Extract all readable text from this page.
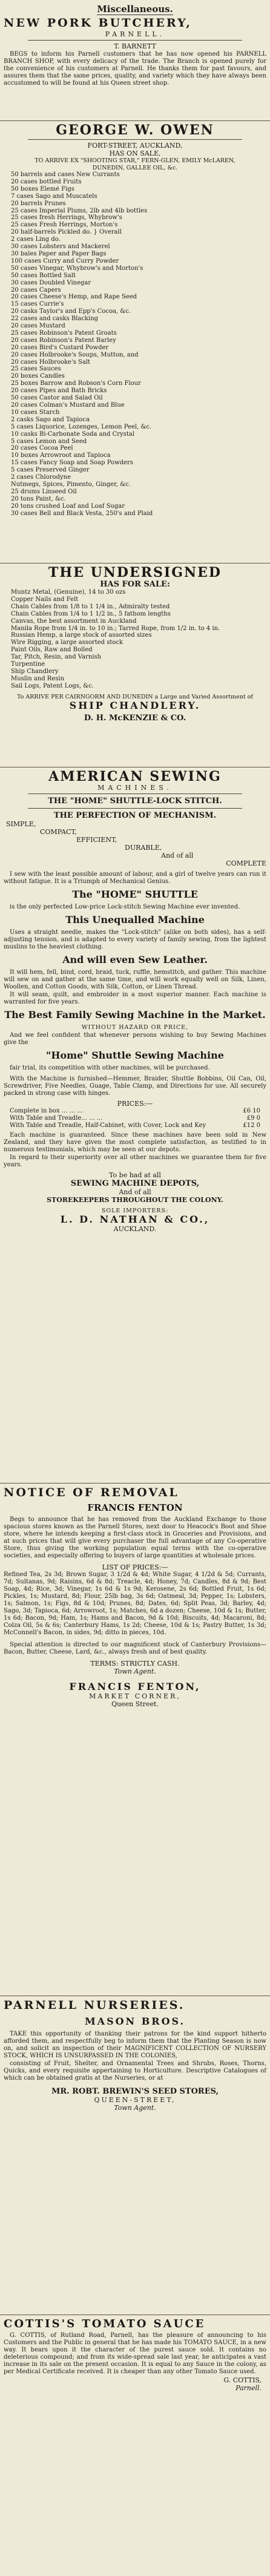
Miscellaneous.
NEW PORK BUTCHERY,
PARNELL.
T. BARNETT
BEGS to inform his Parnell customers that he has now opened his PARNELL BRANCH SHOP, with every delicacy of the trade. The Branch is opened purely for the convenience of his customers at Parnell. He thanks them for past favours, and assures them that the same prices, quality, and variety which they have always been accustomed to will be found at his Queen street shop.
GEORGE W. OWEN
FORT-STREET, AUCKLAND,
HAS ON SALE,
TO ARRIVE EX "SHOOTING STAR," FERN-GLEN, EMILY McLAREN, DUNEDIN, GALLEE OIL, &c.
50 barrels and cases New Currants
20 cases bottled Fruits
50 boxes Elemé Figs
7 cases Sago and Muscatels
20 barrels Prunes
25 cases Imperial Plums, 2lb and 4lb bottles
25 cases fresh Herrings, Whybrow's
25 cases Fresh Herrings, Morton's
20 half-barrels Pickled do. } Overall
2 cases Ling do.
30 cases Lobsters and Mackerel
30 bales Paper and Paper Bags
100 cases Curry and Curry Powder
50 cases Vinegar, Whybrow's and Morton's
50 cases Bottled Salt
30 cases Doubled Vinegar
20 cases Capers
20 cases Cheese's Hemp, and Rape Seed
15 cases Currie's
20 casks Taylor's and Epp's Cocoa, &c.
22 cases and casks Blacking
20 cases Mustard
25 cases Robinson's Patent Groats
20 cases Robinson's Patent Barley
20 cases Bird's Custard Powder
20 cases Holbrooke's Soups, Mutton, and
20 cases Holbrooke's Salt
25 cases Sauces
20 boxes Candles
25 boxes Barrow and Robson's Corn Flour
20 cases Pipes and Bath Bricks
50 cases Castor and Salad Oil
20 cases Colman's Mustard and Blue
10 cases Starch
2 casks Sago and Tapioca
5 cases Liquorice, Lozenges, Lemon Peel, &c.
10 casks Bi-Carbonate Soda and Crystal
5 cases Lemon and Seed
20 cases Cocoa Peel
10 boxes Arrowroot and Tapioca
15 cases Fancy Soap and Soap Powders
5 cases Preserved Ginger
2 cases Chlorodyne
Nutmegs, Spices, Pimento, Ginger, &c.
25 drums Linseed Oil
20 tons Paint, &c.
20 tons crushed Loaf and Loaf Sugar
30 cases Bell and Black Vesta, 250's and Plaid
THE UNDERSIGNED
HAS FOR SALE:
Muntz Metal, (Genuine), 14 to 30 ozs
Copper Nails and Felt
Chain Cables from 1/8 to 1 1/4 in., Admiralty tested
Chain Cables from 1/4 to 1 1/2 in., 5 fathom lengths
Canvas, the best assortment in Auckland
Manila Rope from 1/4 in. to 10 in.; Tarred Rope, from 1/2 in. to 4 in.
Russian Hemp, a large stock of assorted sizes
Wire Rigging, a large assorted stock
Paint Oils, Raw and Boiled
Tar, Pitch, Resin, and Varnish
Turpentine
Ship Chandlery
Muslin and Resin
Sail Logs, Patent Logs, &c.
To ARRIVE PER CAIRNGORM AND DUNEDIN a Large and Varied Assortment of
SHIP CHANDLERY.
D. H. McKENZIE & CO.
AMERICAN SEWING
MACHINES.
THE "HOME" SHUTTLE-LOCK STITCH.
THE PERFECTION OF MECHANISM.
SIMPLE,
COMPACT,
EFFICIENT,
DURABLE,
And of all
COMPLETE
I sew with the least possible amount of labour, and a girl of twelve years can run it without fatigue. It is a Triumph of Mechanical Genius.
The "HOME" SHUTTLE
is the only perfected Low-price Lock-stitch Sewing Machine ever invented.
This Unequalled Machine
Uses a straight needle, makes the "Lock-stitch" (alike on both sides), has a self-adjusting tension, and is adapted to every variety of family sewing, from the lightest muslins to the heaviest clothing.
And will even Sew Leather.
It will hem, fell, bind, cord, braid, tuck, ruffle, hemstitch, and gather. This machine will sew on and gather at the same time, and will work equally well on Silk, Linen, Woollen, and Cotton Goods, with Silk, Cotton, or Linen Thread.
It will seam, quilt, and embroider in a most superior manner. Each machine is warranted for five years.
The Best Family Sewing Machine in the Market.
WITHOUT HAZARD OR PRICE,
And we feel confident that whenever persons wishing to buy Sewing Machines give the
"Home" Shuttle Sewing Machine
fair trial, its competition with other machines, will be purchased.
With the Machine is furnished—Hemmer, Braider, Shuttle Bobbins, Oil Can, Oil, Screwdriver, Five Needles, Guage, Table Clamp, and Directions for use. All securely packed in strong case with hinges.
PRICES:—
Complete in box ... ... ...	£6 10
With Table and Treadle... ... ...	£9 0
With Table and Treadle, Half-Cabinet, with Cover, Lock and Key	£12 0
Each machine is guaranteed. Since these machines have been sold in New Zealand, and they have given the most complete satisfaction, as testified to in numerous testimonials, which may be seen at our depots.
In regard to their superiority over all other machines we guarantee them for five years.
To be had at all
SEWING MACHINE DEPOTS,
And of all
STOREKEEPERS THROUGHOUT THE COLONY.
SOLE IMPORTERS:
L. D. NATHAN & CO.,
AUCKLAND.
NOTICE OF REMOVAL
FRANCIS FENTON
Begs to announce that he has removed from the Auckland Exchange to those spacious stores known as the Parnell Stores, next door to Heacock's Boot and Shoe store, where he intends keeping a first-class stock in Groceries and Provisions, and at such prices that will give every purchaser the full advantage of any Co-operative Store, thus giving the working population equal terms with the co-operative societies, and especially offering to buyers of large quantities at wholesale prices.
LIST OF PRICES:—
Refined Tea, 2s 3d; Brown Sugar, 3 1/2d & 4d; White Sugar, 4 1/2d & 5d; Currants, 7d; Sultanas, 9d; Raisins, 6d & 8d; Treacle, 4d; Honey, 7d; Candles, 8d & 9d; Best Soap, 4d; Rice, 3d; Vinegar, 1s 6d & 1s 9d; Kerosene, 2s 6d; Bottled Fruit, 1s 6d; Pickles, 1s; Mustard, 8d; Flour, 25lb bag, 3s 6d; Oatmeal, 3d; Pepper, 1s; Lobsters, 1s; Salmon, 1s; Figs, 8d & 10d; Prunes, 8d; Dates, 6d; Split Peas, 3d; Barley, 4d; Sago, 3d; Tapioca, 6d; Arrowroot, 1s; Matches, 6d a dozen; Cheese, 10d & 1s; Butter, 1s 6d; Bacon, 9d; Ham, 1s; Hams and Bacon, 9d & 10d; Biscuits, 4d; Macaroni, 8d; Colza Oil, 5s & 6s; Canterbury Hams, 1s 2d; Cheese, 10d & 1s; Pastry Butter, 1s 3d; McConnell's Bacon, in sides, 9d; ditto in pieces, 10d.
Special attention is directed to our magnificent stock of Canterbury Provisions—Bacon, Butter, Cheese, Lard, &c., always fresh and of best quality.
TERMS: STRICTLY CASH.
Town Agent.
FRANCIS FENTON,
MARKET CORNER,
Queen Street.
PARNELL NURSERIES.
MASON BROS.
TAKE this opportunity of thanking their patrons for the kind support hitherto afforded them, and respectfully beg to inform them that the Planting Season is now on, and solicit an inspection of their MAGNIFICENT COLLECTION OF NURSERY STOCK, WHICH IS UNSURPASSED IN THE COLONIES,
consisting of Fruit, Shelter, and Ornamental Trees and Shrubs, Roses, Thorns, Quicks, and every requisite appertaining to Horticulture. Descriptive Catalogues of which can be obtained gratis at the Nurseries, or at
MR. ROBT. BREWIN'S SEED STORES,
QUEEN-STREET,
Town Agent.
COTTIS'S TOMATO SAUCE
G. COTTIS, of Rutland Road, Parnell, has the pleasure of announcing to his Customers and the Public in general that he has made his TOMATO SAUCE, in a new way. It bears upon it the character of the purest sauce sold. It contains no deleterious compound; and from its wide-spread sale last year, he anticipates a vast increase in its sale on the present occasion. It is equal to any Sauce in the colony, as per Medical Certificate received. It is cheaper than any other Tomato Sauce used.
G. COTTIS,
Parnell.
